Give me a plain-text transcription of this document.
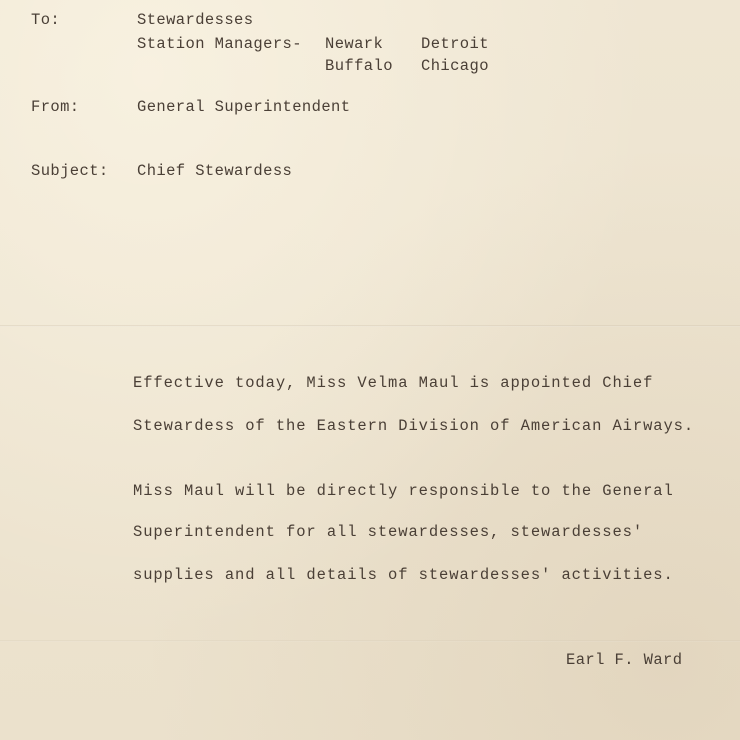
To:	Stewardesses
Station Managers- Newark Detroit
Buffalo Chicago
From:	General Superintendent
Subject: Chief Stewardess
Effective today, Miss Velma Maul is appointed Chief
Stewardess of the Eastern Division of American Airways.
Miss Maul will be directly responsible to the General
Superintendent for all stewardesses, stewardesses'
supplies and all details of stewardesses' activities.
Earl F. Ward
